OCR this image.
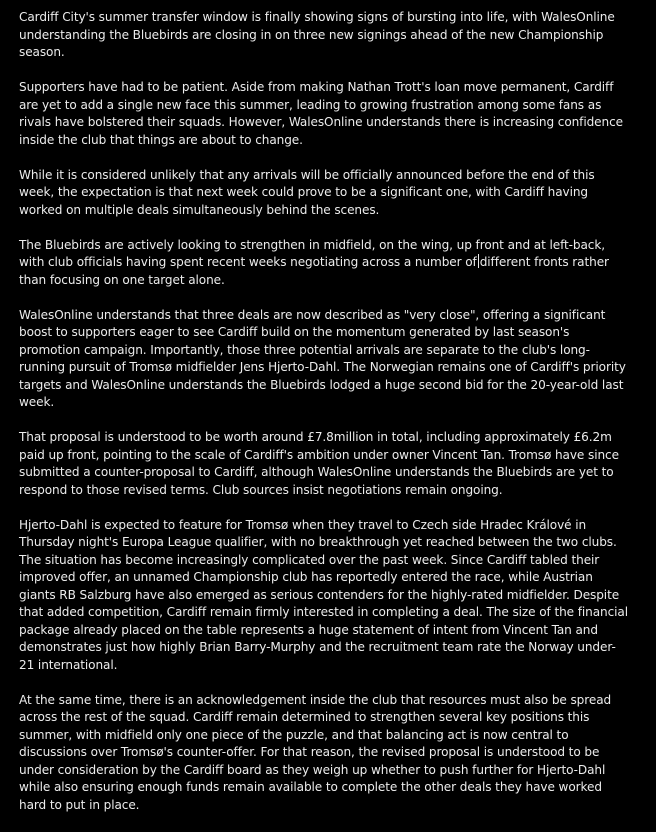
Cardiff City's summer transfer window is finally showing signs of bursting into life, with WalesOnline understanding the Bluebirds are closing in on three new signings ahead of the new Championship season.

Supporters have had to be patient. Aside from making Nathan Trott's loan move permanent, Cardiff are yet to add a single new face this summer, leading to growing frustration among some fans as rivals have bolstered their squads. However, WalesOnline understands there is increasing confidence inside the club that things are about to change.

While it is considered unlikely that any arrivals will be officially announced before the end of this week, the expectation is that next week could prove to be a significant one, with Cardiff having worked on multiple deals simultaneously behind the scenes.

The Bluebirds are actively looking to strengthen in midfield, on the wing, up front and at left-back, with club officials having spent recent weeks negotiating across a number of different fronts rather than focusing on one target alone.

WalesOnline understands that three deals are now described as "very close", offering a significant boost to supporters eager to see Cardiff build on the momentum generated by last season's promotion campaign. Importantly, those three potential arrivals are separate to the club's long-running pursuit of Tromsø midfielder Jens Hjerto-Dahl. The Norwegian remains one of Cardiff's priority targets and WalesOnline understands the Bluebirds lodged a huge second bid for the 20-year-old last week.

That proposal is understood to be worth around £7.8million in total, including approximately £6.2m paid up front, pointing to the scale of Cardiff's ambition under owner Vincent Tan. Tromsø have since submitted a counter-proposal to Cardiff, although WalesOnline understands the Bluebirds are yet to respond to those revised terms. Club sources insist negotiations remain ongoing.

Hjerto-Dahl is expected to feature for Tromsø when they travel to Czech side Hradec Králové in Thursday night's Europa League qualifier, with no breakthrough yet reached between the two clubs. The situation has become increasingly complicated over the past week. Since Cardiff tabled their improved offer, an unnamed Championship club has reportedly entered the race, while Austrian giants RB Salzburg have also emerged as serious contenders for the highly-rated midfielder. Despite that added competition, Cardiff remain firmly interested in completing a deal. The size of the financial package already placed on the table represents a huge statement of intent from Vincent Tan and demonstrates just how highly Brian Barry-Murphy and the recruitment team rate the Norway under-21 international.

At the same time, there is an acknowledgement inside the club that resources must also be spread across the rest of the squad. Cardiff remain determined to strengthen several key positions this summer, with midfield only one piece of the puzzle, and that balancing act is now central to discussions over Tromsø's counter-offer. For that reason, the revised proposal is understood to be under consideration by the Cardiff board as they weigh up whether to push further for Hjerto-Dahl while also ensuring enough funds remain available to complete the other deals they have worked hard to put in place.
